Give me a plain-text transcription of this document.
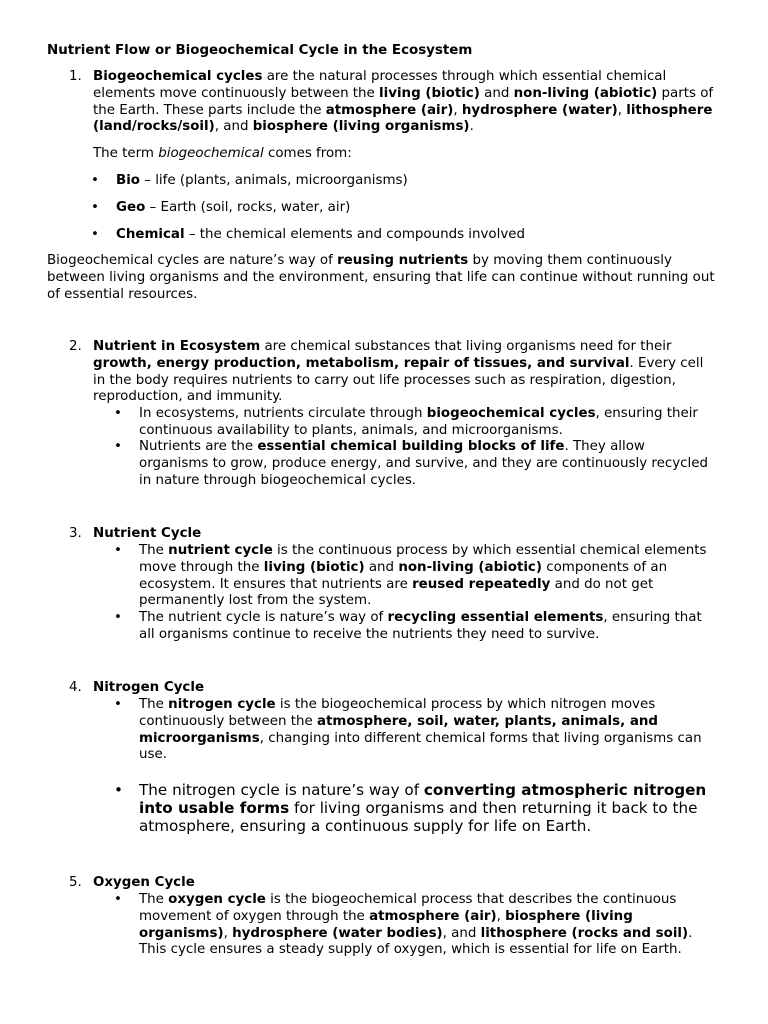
Nutrient Flow or Biogeochemical Cycle in the Ecosystem
1. Biogeochemical cycles are the natural processes through which essential chemical elements move continuously between the living (biotic) and non-living (abiotic) parts of the Earth. These parts include the atmosphere (air), hydrosphere (water), lithosphere (land/rocks/soil), and biosphere (living organisms).

The term biogeochemical comes from:

• Bio – life (plants, animals, microorganisms)

• Geo – Earth (soil, rocks, water, air)

• Chemical – the chemical elements and compounds involved

Biogeochemical cycles are nature’s way of reusing nutrients by moving them continuously between living organisms and the environment, ensuring that life can continue without running out of essential resources.

2. Nutrient in Ecosystem are chemical substances that living organisms need for their growth, energy production, metabolism, repair of tissues, and survival. Every cell in the body requires nutrients to carry out life processes such as respiration, digestion, reproduction, and immunity.

• In ecosystems, nutrients circulate through biogeochemical cycles, ensuring their continuous availability to plants, animals, and microorganisms.

• Nutrients are the essential chemical building blocks of life. They allow organisms to grow, produce energy, and survive, and they are continuously recycled in nature through biogeochemical cycles.

3. Nutrient Cycle

• The nutrient cycle is the continuous process by which essential chemical elements move through the living (biotic) and non-living (abiotic) components of an ecosystem. It ensures that nutrients are reused repeatedly and do not get permanently lost from the system.

• The nutrient cycle is nature’s way of recycling essential elements, ensuring that all organisms continue to receive the nutrients they need to survive.

4. Nitrogen Cycle

• The nitrogen cycle is the biogeochemical process by which nitrogen moves continuously between the atmosphere, soil, water, plants, animals, and microorganisms, changing into different chemical forms that living organisms can use.

• The nitrogen cycle is nature’s way of converting atmospheric nitrogen into usable forms for living organisms and then returning it back to the atmosphere, ensuring a continuous supply for life on Earth.

5. Oxygen Cycle

• The oxygen cycle is the biogeochemical process that describes the continuous movement of oxygen through the atmosphere (air), biosphere (living organisms), hydrosphere (water bodies), and lithosphere (rocks and soil). This cycle ensures a steady supply of oxygen, which is essential for life on Earth.
